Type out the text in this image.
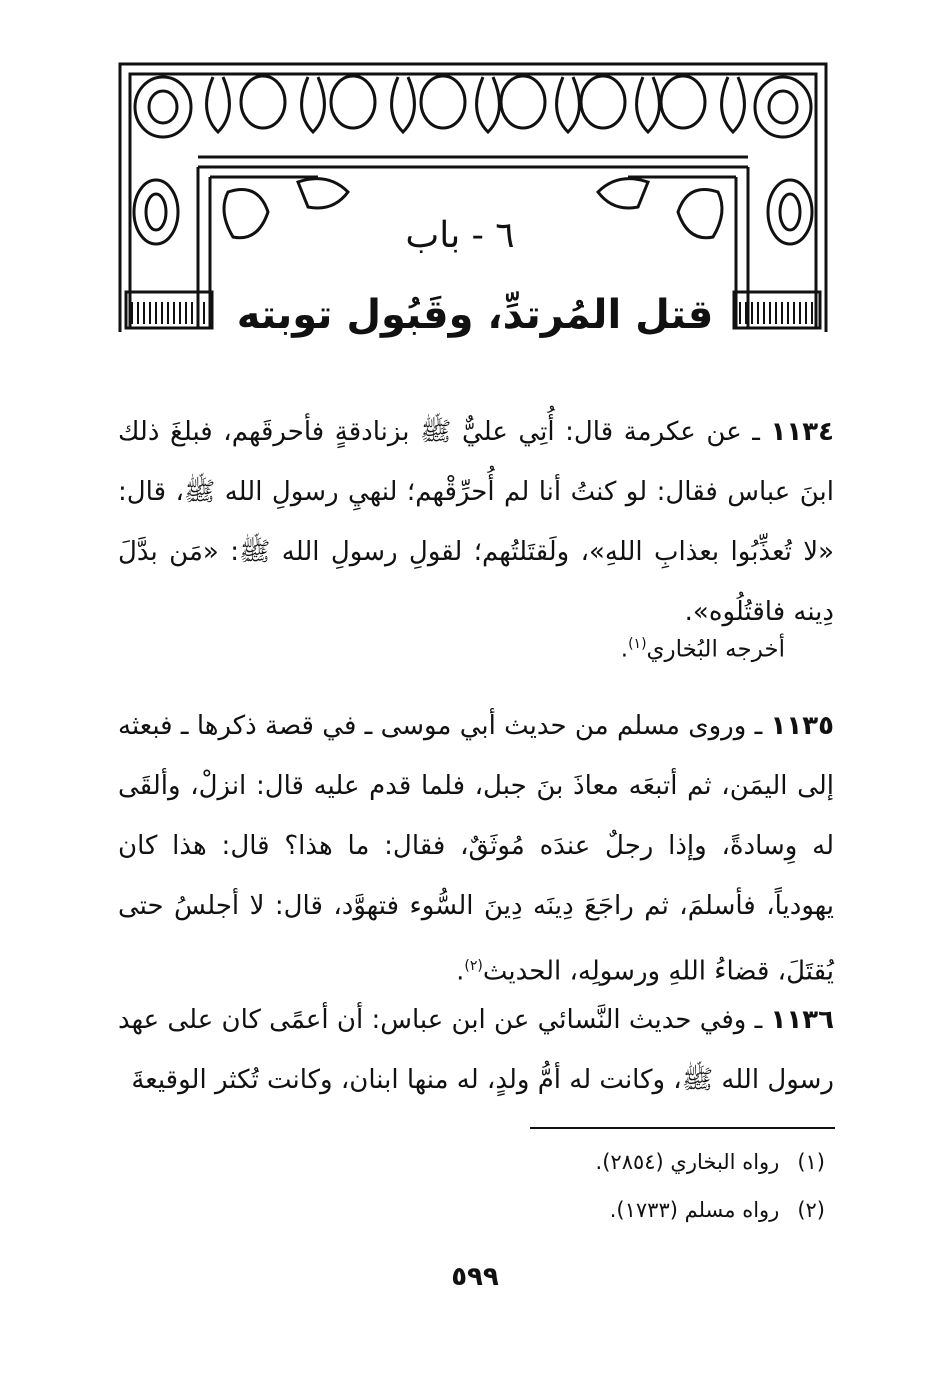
٦ - باب
قتل المُرتدِّ، وقَبُول توبته
١١٣٤ ـ عن عكرمة قال: أُتِي عليٌّ ﷺ بزنادقةٍ فأحرقَهم، فبلغَ ذلك ابنَ عباس فقال: لو كنتُ أنا لم أُحرِّقْهم؛ لنهيِ رسولِ الله ﷺ، قال: «لا تُعذِّبُوا بعذابِ اللهِ»، ولَقتَلتُهم؛ لقولِ رسولِ الله ﷺ: «مَن بدَّلَ دِينه فاقتُلُوه».
أخرجه البُخاري$^{(١)}$.
١١٣٥ ـ وروى مسلم من حديث أبي موسى ـ في قصة ذكرها ـ فبعثه إلى اليمَن، ثم أتبعَه معاذَ بنَ جبل، فلما قدم عليه قال: انزلْ، وألقَى له وِسادةً، وإذا رجلٌ عندَه مُوثَقٌ، فقال: ما هذا؟ قال: هذا كان يهودياً، فأسلمَ، ثم راجَعَ دِينَه دِينَ السُّوء فتهوَّد، قال: لا أجلسُ حتى يُقتَلَ، قضاءُ اللهِ ورسولِه، الحديث$^{(٢)}$.
١١٣٦ ـ وفي حديث النَّسائي عن ابن عباس: أن أعمًى كان على عهد رسول الله ﷺ، وكانت له أمُّ ولدٍ، له منها ابنان، وكانت تُكثر الوقيعةَ
(١)رواه البخاري (٢٨٥٤).
(٢)رواه مسلم (١٧٣٣).
٥٩٩
